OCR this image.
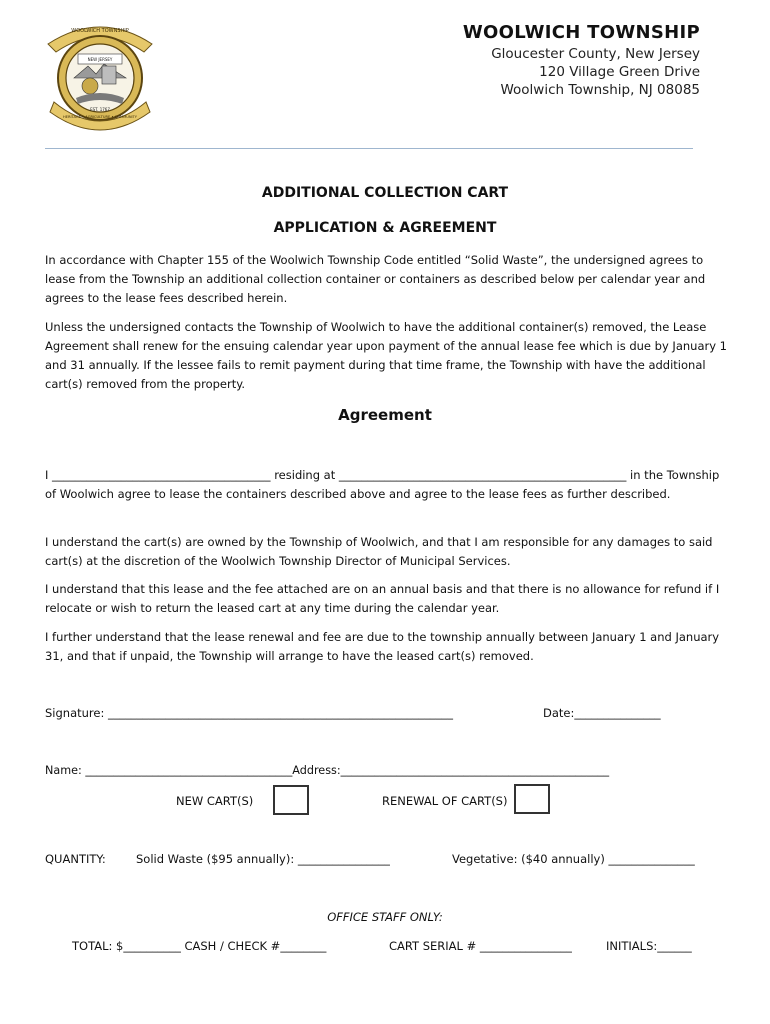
WOOLWICH TOWNSHIP
NEW JERSEY
HERITAGE • AGRICULTURE • COMMUNITY
EST. 1767
WOOLWICH TOWNSHIP
Gloucester County, New Jersey
120 Village Green Drive
Woolwich Township, NJ 08085
ADDITIONAL COLLECTION CART
APPLICATION & AGREEMENT
In accordance with Chapter 155 of the Woolwich Township Code entitled “Solid Waste”, the undersigned agrees to lease from the Township an additional collection container or containers as described below per calendar year and agrees to the lease fees described herein.
Unless the undersigned contacts the Township of Woolwich to have the additional container(s) removed, the Lease Agreement shall renew for the ensuing calendar year upon payment of the annual lease fee which is due by January 1 and 31 annually. If the lessee fails to remit payment during that time frame, the Township with have the additional cart(s) removed from the property.
Agreement
I ______________________________________ residing at __________________________________________________ in the Township of Woolwich agree to lease the containers described above and agree to the lease fees as further described.
I understand the cart(s) are owned by the Township of Woolwich, and that I am responsible for any damages to said cart(s) at the discretion of the Woolwich Township Director of Municipal Services.
I understand that this lease and the fee attached are on an annual basis and that there is no allowance for refund if I relocate or wish to return the leased cart at any time during the calendar year.
I further understand that the lease renewal and fee are due to the township annually between January 1 and January 31, and that if unpaid, the Township will arrange to have the leased cart(s) removed.
Signature: ____________________________________________________________	Date:_______________
Name: _____________________________________Address:________________________________________________
NEW CART(S)	RENEWAL OF CART(S)
QUANTITY:	Solid Waste ($95 annually): ________________	Vegetative: ($40 annually) _______________
OFFICE STAFF ONLY:
TOTAL: $__________ CASH / CHECK #________	CART SERIAL # ________________	INITIALS:______
